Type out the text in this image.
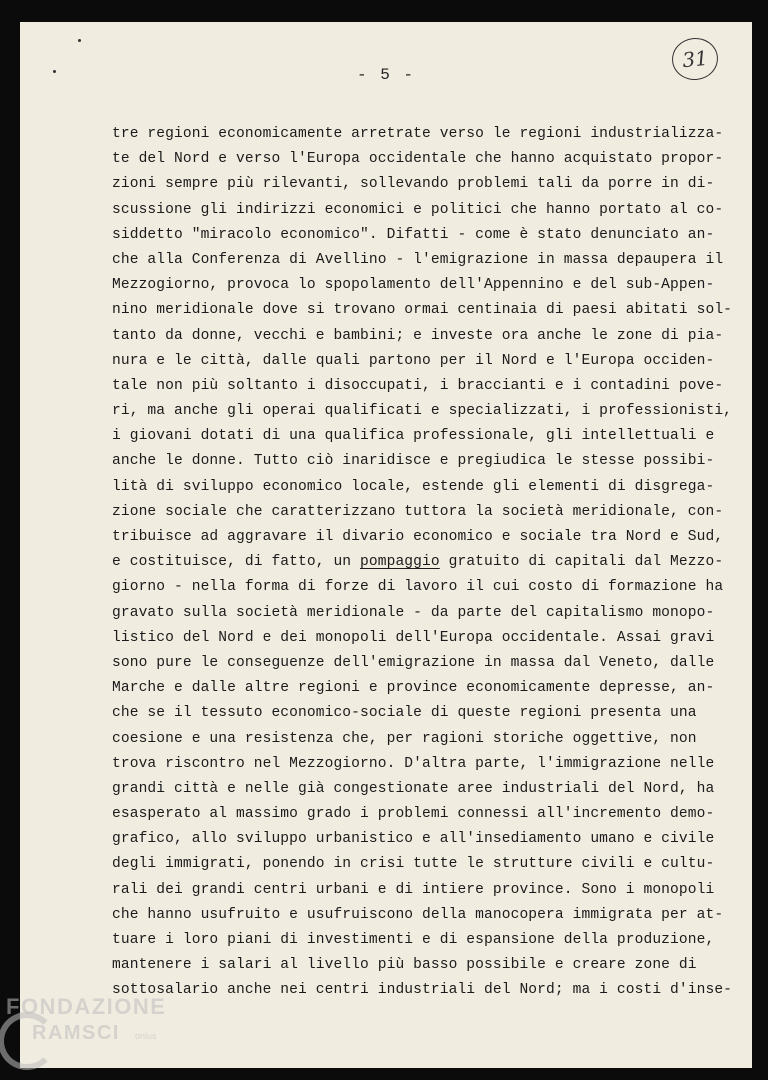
- 5 -
31
tre regioni economicamente arretrate verso le regioni industrializza-
te del Nord e verso l'Europa occidentale che hanno acquistato propor-
zioni sempre più rilevanti, sollevando problemi tali da porre in di-
scussione gli indirizzi economici e politici che hanno portato al co-
siddetto "miracolo economico". Difatti - come è stato denunciato an-
che alla Conferenza di Avellino - l'emigrazione in massa depaupera il
Mezzogiorno, provoca lo spopolamento dell'Appennino e del sub-Appen-
nino meridionale dove si trovano ormai centinaia di paesi abitati sol-
tanto da donne, vecchi e bambini; e investe ora anche le zone di pia-
nura e le città, dalle quali partono per il Nord e l'Europa occiden-
tale non più soltanto i disoccupati, i braccianti e i contadini pove-
ri, ma anche gli operai qualificati e specializzati, i professionisti,
i giovani dotati di una qualifica professionale, gli intellettuali e
anche le donne. Tutto ciò inaridisce e pregiudica le stesse possibi-
lità di sviluppo economico locale, estende gli elementi di disgrega-
zione sociale che caratterizzano tuttora la società meridionale, con-
tribuisce ad aggravare il divario economico e sociale tra Nord e Sud,
e costituisce, di fatto, un pompaggio gratuito di capitali dal Mezzo-
giorno - nella forma di forze di lavoro il cui costo di formazione ha
gravato sulla società meridionale - da parte del capitalismo monopo-
listico del Nord e dei monopoli dell'Europa occidentale. Assai gravi
sono pure le conseguenze dell'emigrazione in massa dal Veneto, dalle
Marche e dalle altre regioni e province economicamente depresse, an-
che se il tessuto economico-sociale di queste regioni presenta una
coesione e una resistenza che, per ragioni storiche oggettive, non
trova riscontro nel Mezzogiorno. D'altra parte, l'immigrazione nelle
grandi città e nelle già congestionate aree industriali del Nord, ha
esasperato al massimo grado i problemi connessi all'incremento demo-
grafico, allo sviluppo urbanistico e all'insediamento umano e civile
degli immigrati, ponendo in crisi tutte le strutture civili e cultu-
rali dei grandi centri urbani e di intiere province. Sono i monopoli
che hanno usufruito e usufruiscono della manocopera immigrata per at-
tuare i loro piani di investimenti e di espansione della produzione,
mantenere i salari al livello più basso possibile e creare zone di
sottosalario anche nei centri industriali del Nord; ma i costi d'inse-
FONDAZIONE
RAMSCI onlus
